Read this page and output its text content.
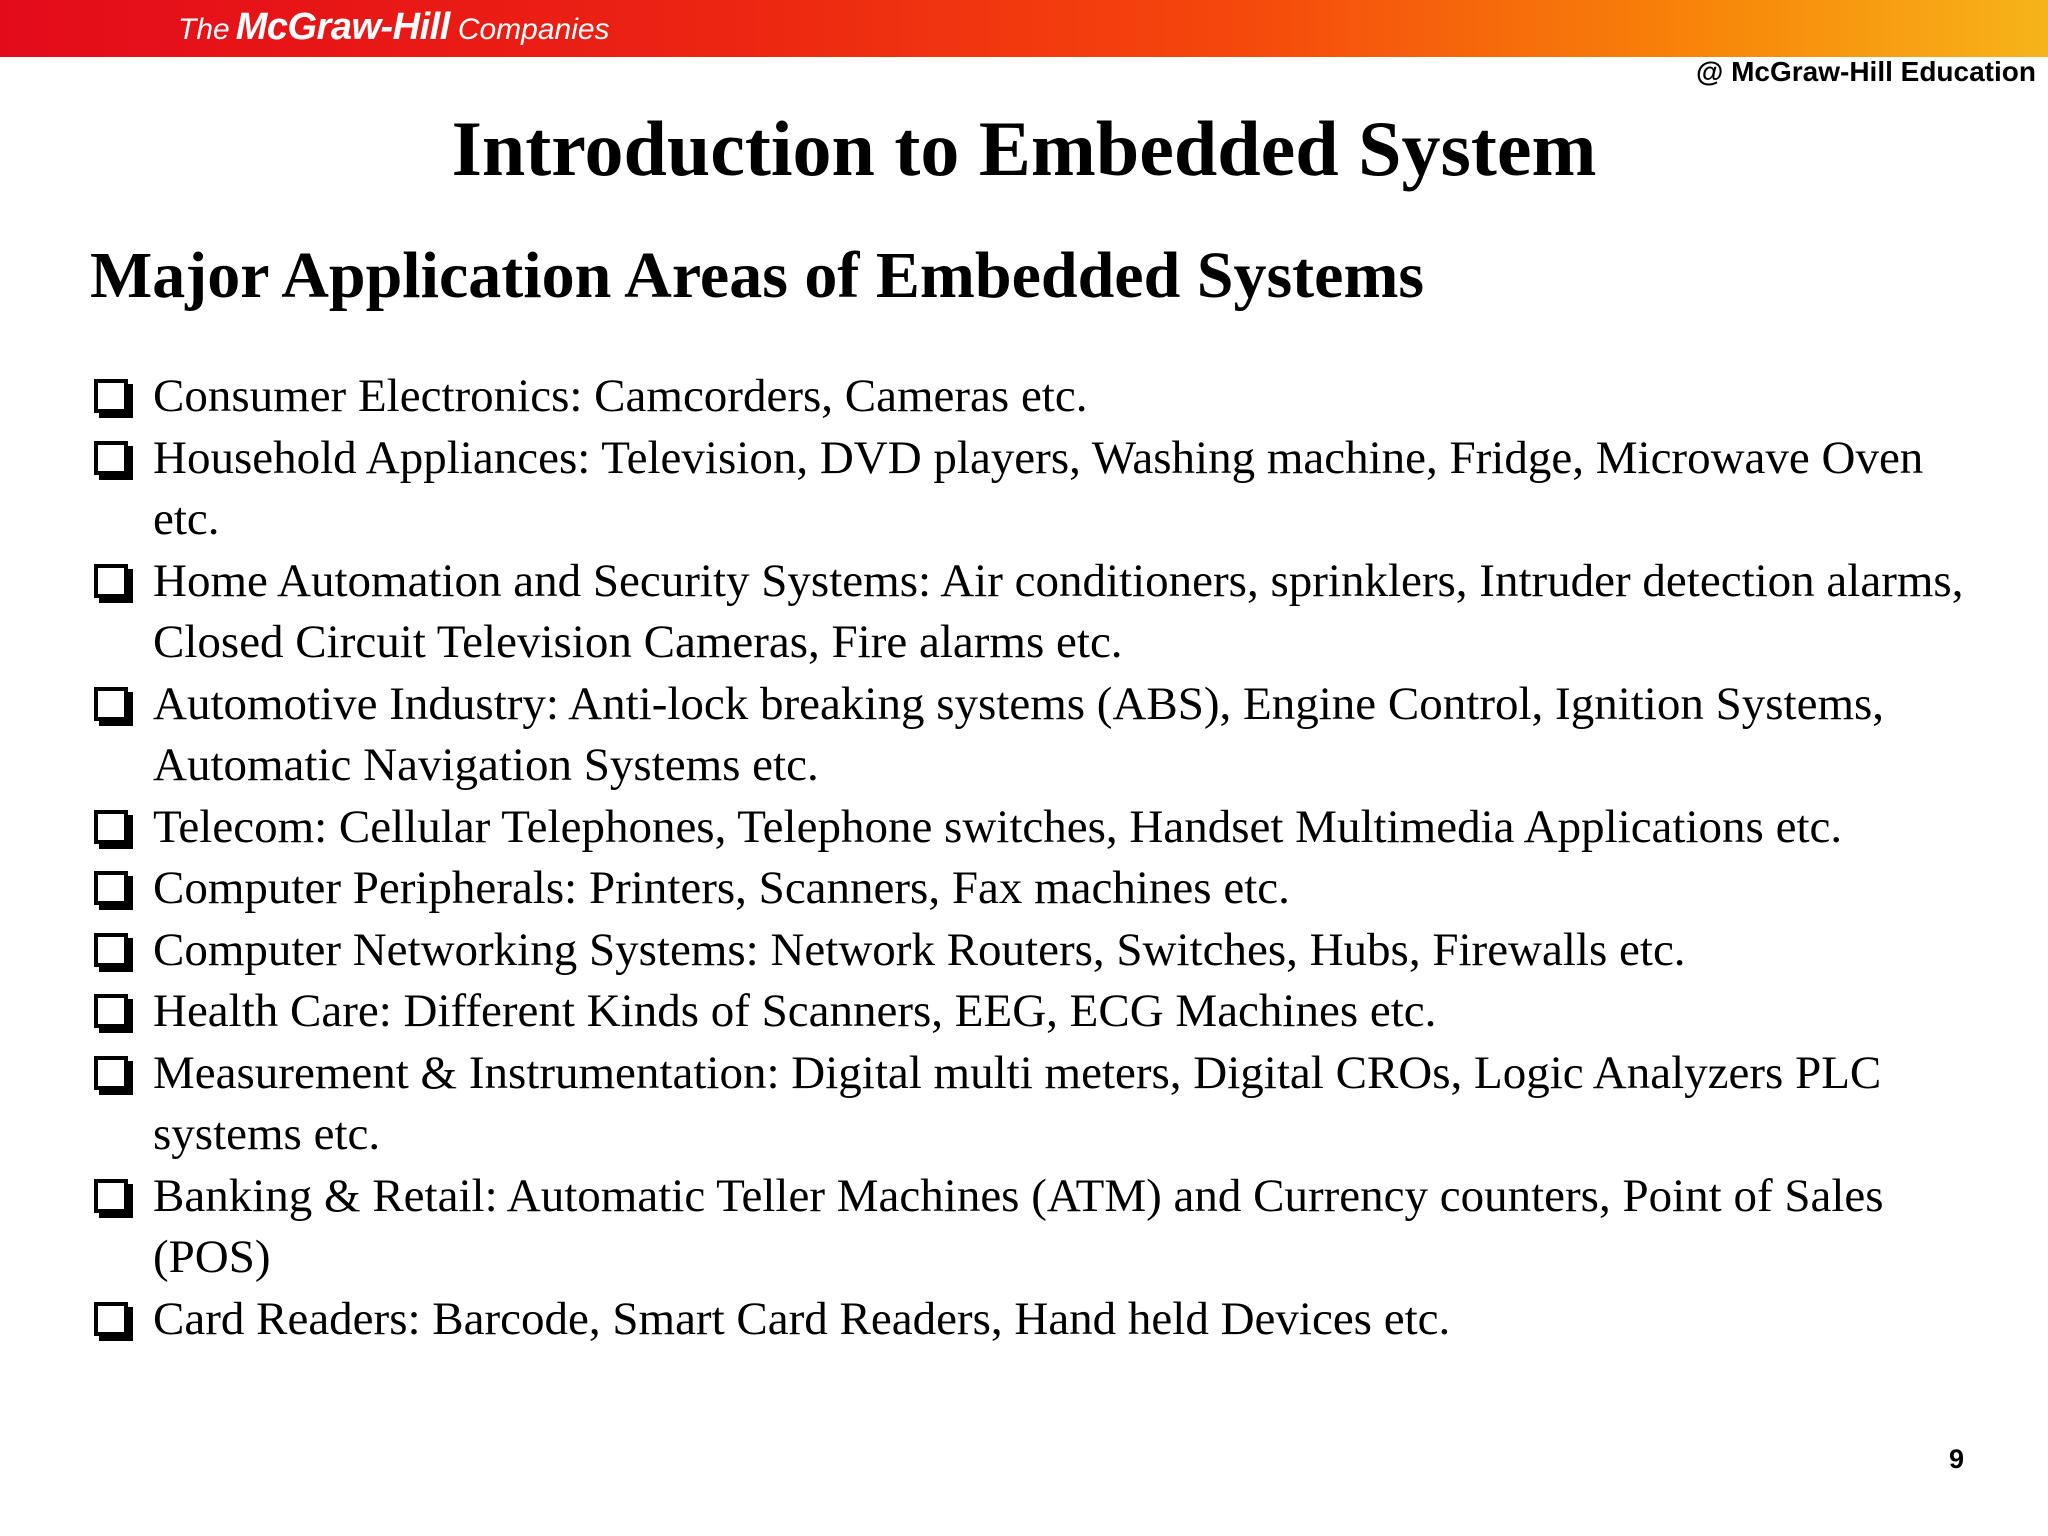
The McGraw-Hill Companies
@ McGraw-Hill Education
Introduction to Embedded System
Major Application Areas of Embedded Systems
Consumer Electronics: Camcorders, Cameras etc.
Household Appliances: Television, DVD players, Washing machine, Fridge, Microwave Oven etc.
Home Automation and Security Systems: Air conditioners, sprinklers, Intruder detection alarms, Closed Circuit Television Cameras, Fire alarms etc.
Automotive Industry: Anti-lock breaking systems (ABS), Engine Control, Ignition Systems, Automatic Navigation Systems etc.
Telecom: Cellular Telephones, Telephone switches, Handset Multimedia Applications etc.
Computer Peripherals: Printers, Scanners, Fax machines etc.
Computer Networking Systems: Network Routers, Switches, Hubs, Firewalls etc.
Health Care: Different Kinds of Scanners, EEG, ECG Machines etc.
Measurement & Instrumentation: Digital multi meters, Digital CROs, Logic Analyzers PLC systems etc.
Banking & Retail: Automatic Teller Machines (ATM) and Currency counters, Point of Sales (POS)
Card Readers: Barcode, Smart Card Readers, Hand held Devices etc.
9
